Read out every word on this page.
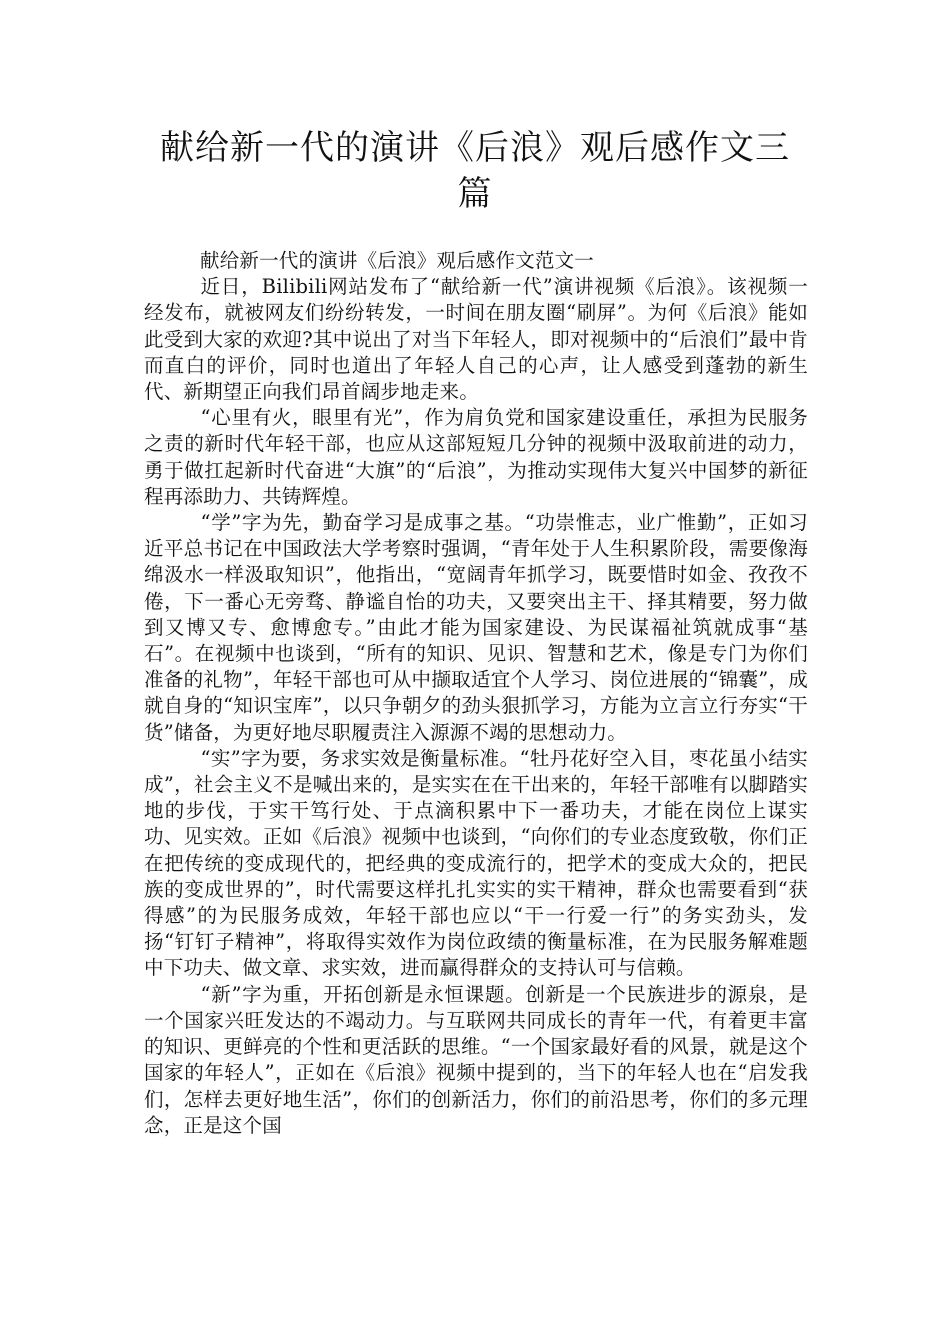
献给新一代的演讲《后浪》观后感作文三篇

献给新一代的演讲《后浪》观后感作文范文一

近日，Bilibili网站发布了“献给新一代”演讲视频《后浪》。该视频一经发布，就被网友们纷纷转发，一时间在朋友圈“刷屏”。为何《后浪》能如此受到大家的欢迎?其中说出了对当下年轻人，即对视频中的“后浪们”最中肯而直白的评价，同时也道出了年轻人自己的心声，让人感受到蓬勃的新生代、新期望正向我们昂首阔步地走来。

“心里有火，眼里有光”，作为肩负党和国家建设重任，承担为民服务之责的新时代年轻干部，也应从这部短短几分钟的视频中汲取前进的动力，勇于做扛起新时代奋进“大旗”的“后浪”，为推动实现伟大复兴中国梦的新征程再添助力、共铸辉煌。

“学”字为先，勤奋学习是成事之基。“功崇惟志，业广惟勤”，正如习近平总书记在中国政法大学考察时强调，“青年处于人生积累阶段，需要像海绵汲水一样汲取知识”，他指出，“宽阔青年抓学习，既要惜时如金、孜孜不倦，下一番心无旁骛、静谧自怡的功夫，又要突出主干、择其精要，努力做到又博又专、愈博愈专。”由此才能为国家建设、为民谋福祉筑就成事“基石”。在视频中也谈到，“所有的知识、见识、智慧和艺术，像是专门为你们准备的礼物”，年轻干部也可从中撷取适宜个人学习、岗位进展的“锦囊”，成就自身的“知识宝库”，以只争朝夕的劲头狠抓学习，方能为立言立行夯实“干货”储备，为更好地尽职履责注入源源不竭的思想动力。

“实”字为要，务求实效是衡量标准。“牡丹花好空入目，枣花虽小结实成”，社会主义不是喊出来的，是实实在在干出来的，年轻干部唯有以脚踏实地的步伐，于实干笃行处、于点滴积累中下一番功夫，才能在岗位上谋实功、见实效。正如《后浪》视频中也谈到，“向你们的专业态度致敬，你们正在把传统的变成现代的，把经典的变成流行的，把学术的变成大众的，把民族的变成世界的”，时代需要这样扎扎实实的实干精神，群众也需要看到“获得感”的为民服务成效，年轻干部也应以“干一行爱一行”的务实劲头，发扬“钉钉子精神”，将取得实效作为岗位政绩的衡量标准，在为民服务解难题中下功夫、做文章、求实效，进而赢得群众的支持认可与信赖。

“新”字为重，开拓创新是永恒课题。创新是一个民族进步的源泉，是一个国家兴旺发达的不竭动力。与互联网共同成长的青年一代，有着更丰富的知识、更鲜亮的个性和更活跃的思维。“一个国家最好看的风景，就是这个国家的年轻人”，正如在《后浪》视频中提到的，当下的年轻人也在“启发我们，怎样去更好地生活”，你们的创新活力，你们的前沿思考，你们的多元理念，正是这个国
